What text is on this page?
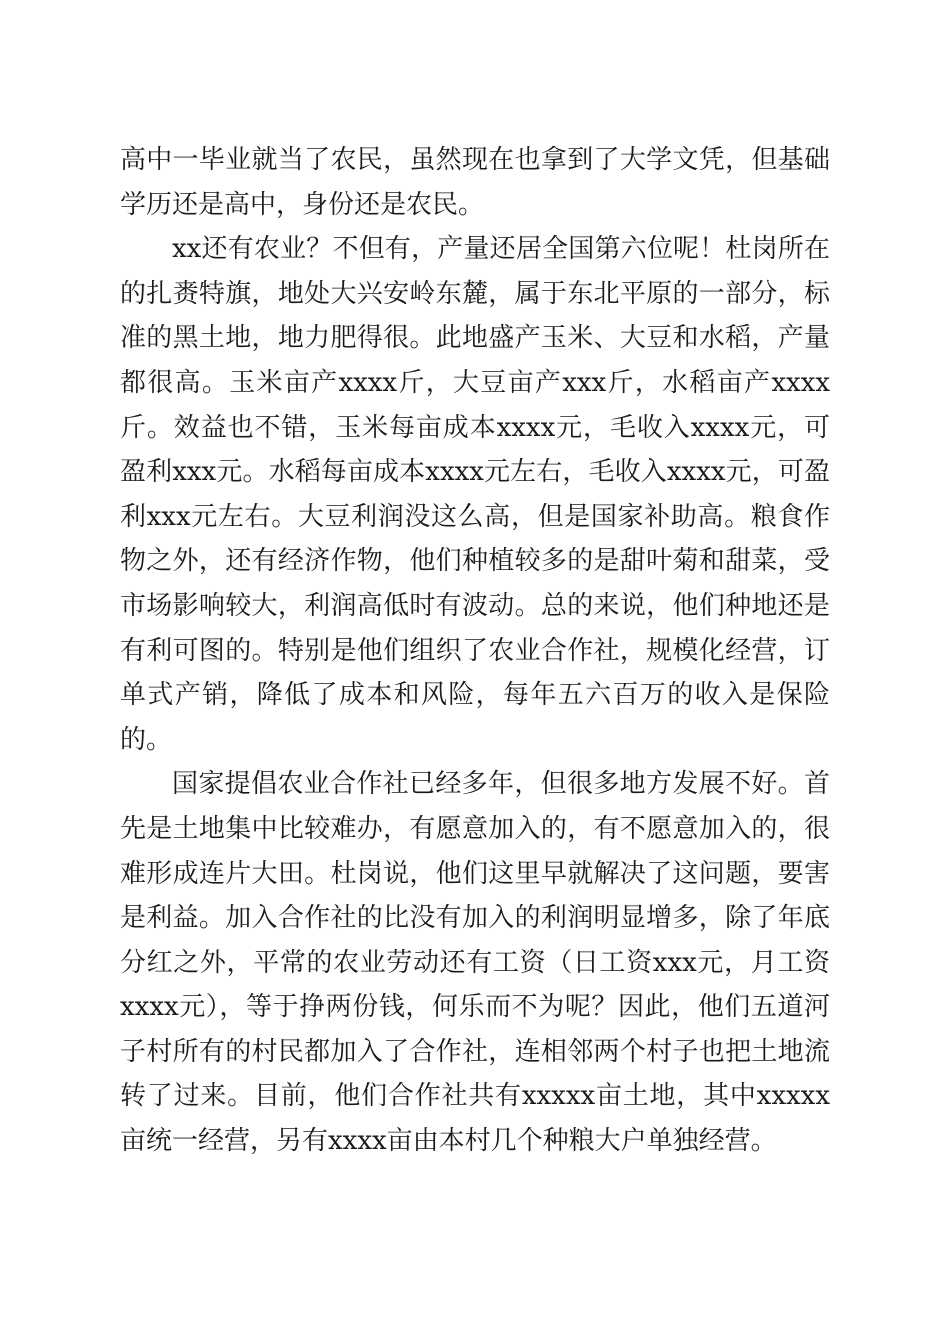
高中一毕业就当了农民，虽然现在也拿到了大学文凭，但基础学历还是高中，身份还是农民。

xx还有农业？不但有，产量还居全国第六位呢！杜岗所在的扎赉特旗，地处大兴安岭东麓，属于东北平原的一部分，标准的黑土地，地力肥得很。此地盛产玉米、大豆和水稻，产量都很高。玉米亩产xxxx斤，大豆亩产xxx斤，水稻亩产xxxx斤。效益也不错，玉米每亩成本xxxx元，毛收入xxxx元，可盈利xxx元。水稻每亩成本xxxx元左右，毛收入xxxx元，可盈利xxx元左右。大豆利润没这么高，但是国家补助高。粮食作物之外，还有经济作物，他们种植较多的是甜叶菊和甜菜，受市场影响较大，利润高低时有波动。总的来说，他们种地还是有利可图的。特别是他们组织了农业合作社，规模化经营，订单式产销，降低了成本和风险，每年五六百万的收入是保险的。

国家提倡农业合作社已经多年，但很多地方发展不好。首先是土地集中比较难办，有愿意加入的，有不愿意加入的，很难形成连片大田。杜岗说，他们这里早就解决了这问题，要害是利益。加入合作社的比没有加入的利润明显增多，除了年底分红之外，平常的农业劳动还有工资（日工资xxx元，月工资xxxx元），等于挣两份钱，何乐而不为呢？因此，他们五道河子村所有的村民都加入了合作社，连相邻两个村子也把土地流转了过来。目前，他们合作社共有xxxxx亩土地，其中xxxxx亩统一经营，另有xxxx亩由本村几个种粮大户单独经营。
